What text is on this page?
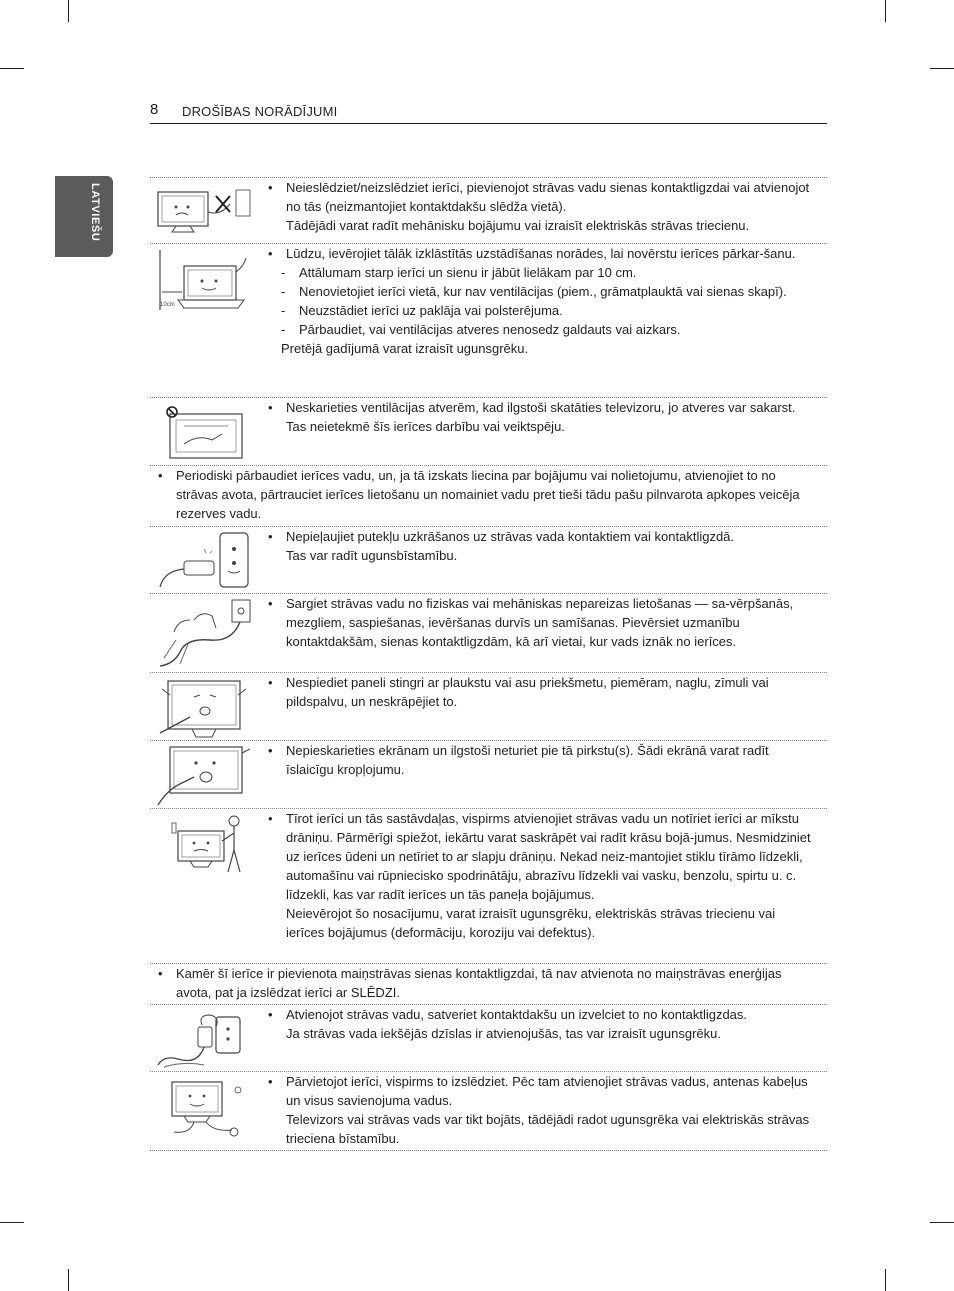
8 DROŠĪBAS NORĀDĪJUMI
LATVIEŠU

•	Neieslēdziet/neizslēdziet ierīci, pievienojot strāvas vadu sienas kontaktligzdai vai atvienojot no tās (neizmantojiet kontaktdakšu slēdža vietā).

Tādējādi varat radīt mehānisku bojājumu vai izraisīt elektriskās strāvas triecienu.

10cm

• Lūdzu, ievērojiet tālāk izklāstītās uzstādīšanas norādes, lai novērstu ierīces pārkar-šanu.

- Attālumam starp ierīci un sienu ir jābūt lielākam par 10 cm.
- Nenovietojiet ierīci vietā, kur nav ventilācijas (piem., grāmatplauktā vai sienas skapī).
- Neuzstādiet ierīci uz paklāja vai polsterējuma.
- Pārbaudiet, vai ventilācijas atveres nenosedz galdauts vai aizkars.
Pretējā gadījumā varat izraisīt ugunsgrēku.

• Neskarieties ventilācijas atverēm, kad ilgstoši skatāties televizoru, jo atveres var sakarst. Tas neietekmē šīs ierīces darbību vai veiktspēju.

• Periodiski pārbaudiet ierīces vadu, un, ja tā izskats liecina par bojājumu vai nolietojumu, atvienojiet to no strāvas avota, pārtrauciet ierīces lietošanu un nomainiet vadu pret tieši tādu pašu pilnvarota apkopes veicēja rezerves vadu.

• Nepieļaujiet putekļu uzkrāšanos uz strāvas vada kontaktiem vai kontaktligzdā.

Tas var radīt ugunsbīstamību.

• Sargiet strāvas vadu no fiziskas vai mehāniskas nepareizas lietošanas — sa-vērpšanās, mezgliem, saspiešanas, ievēršanas durvīs un samīšanas. Pievērsiet uzmanību kontaktdakšām, sienas kontaktligzdām, kā arī vietai, kur vads iznāk no ierīces.

• Nespiediet paneli stingri ar plaukstu vai asu priekšmetu, piemēram, naglu, zīmuli vai pildspalvu, un neskrāpējiet to.

• Nepieskarieties ekrānam un ilgstoši neturiet pie tā pirkstu(s). Šādi ekrānā varat radīt īslaicīgu kropļojumu.

• Tīrot ierīci un tās sastāvdaļas, vispirms atvienojiet strāvas vadu un notīriet ierīci ar mīkstu drāniņu. Pārmērīgi spiežot, iekārtu varat saskrāpēt vai radīt krāsu bojā-jumus. Nesmidziniet uz ierīces ūdeni un netīriet to ar slapju drāniņu. Nekad neiz-mantojiet stiklu tīrāmo līdzekli, automašīnu vai rūpniecisko spodrinātāju, abrazīvu līdzekli vai vasku, benzolu, spirtu u. c. līdzekli, kas var radīt ierīces un tās paneļa bojājumus.

Neievērojot šo nosacījumu, varat izraisīt ugunsgrēku, elektriskās strāvas triecienu vai ierīces bojājumus (deformāciju, koroziju vai defektus).

• Kamēr šī ierīce ir pievienota maiņstrāvas sienas kontaktligzdai, tā nav atvienota no maiņstrāvas enerģijas avota, pat ja izslēdzat ierīci ar SLĒDZI.

• Atvienojot strāvas vadu, satveriet kontaktdakšu un izvelciet to no kontaktligzdas.

Ja strāvas vada iekšējās dzīslas ir atvienojušās, tas var izraisīt ugunsgrēku.

• Pārvietojot ierīci, vispirms to izslēdziet. Pēc tam atvienojiet strāvas vadus, antenas kabeļus un visus savienojuma vadus.

Televizors vai strāvas vads var tikt bojāts, tādējādi radot ugunsgrēka vai elektriskās strāvas trieciena bīstamību.
